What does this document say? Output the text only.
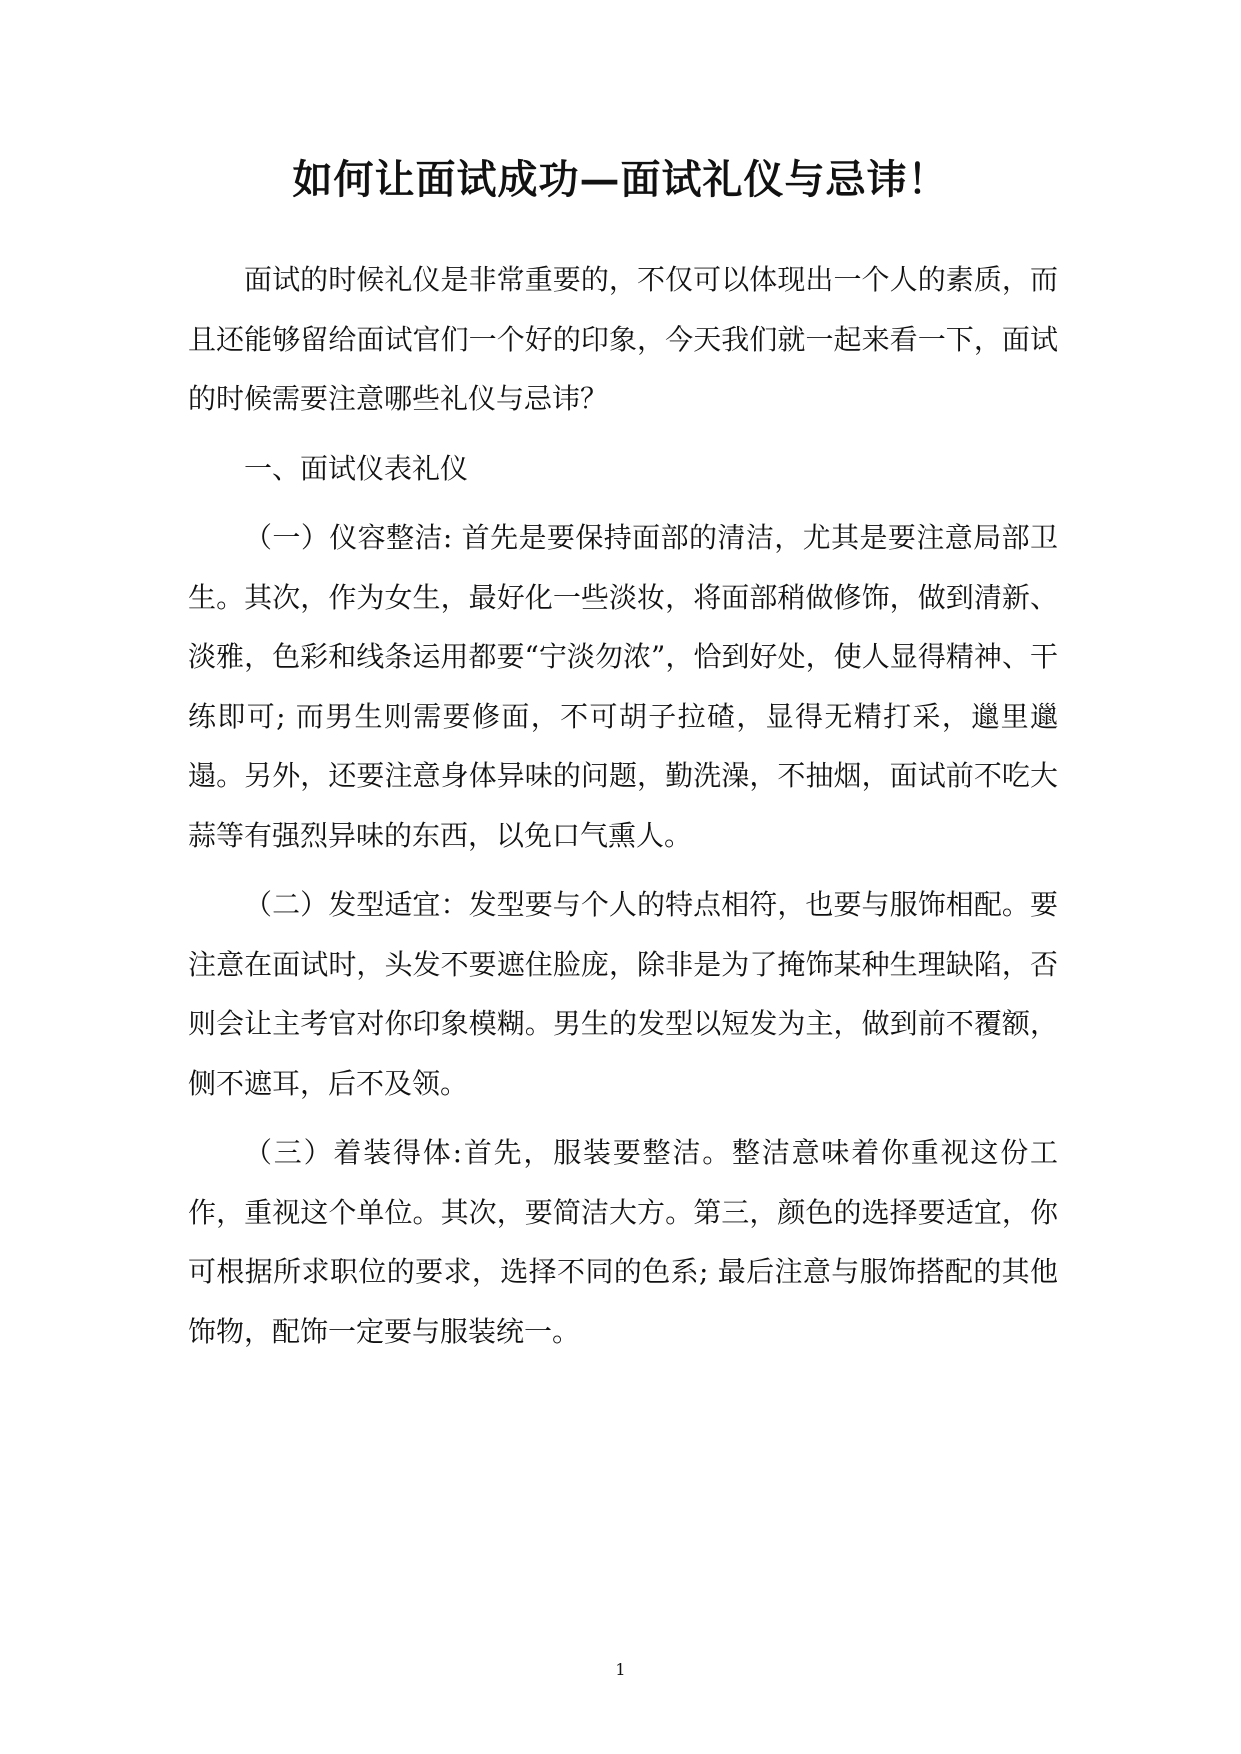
如何让面试成功—面试礼仪与忌讳！

面试的时候礼仪是非常重要的，不仅可以体现出一个人的素质，而且还能够留给面试官们一个好的印象，今天我们就一起来看一下，面试的时候需要注意哪些礼仪与忌讳？

一、面试仪表礼仪

（一）仪容整洁: 首先是要保持面部的清洁，尤其是要注意局部卫生。其次，作为女生，最好化一些淡妆，将面部稍做修饰，做到清新、淡雅，色彩和线条运用都要“宁淡勿浓”，恰到好处，使人显得精神、干练即可; 而男生则需要修面，不可胡子拉碴，显得无精打采，邋里邋遢。另外，还要注意身体异味的问题，勤洗澡，不抽烟，面试前不吃大蒜等有强烈异味的东西，以免口气熏人。

（二）发型适宜：发型要与个人的特点相符，也要与服饰相配。要注意在面试时，头发不要遮住脸庞，除非是为了掩饰某种生理缺陷，否则会让主考官对你印象模糊。男生的发型以短发为主，做到前不覆额，侧不遮耳，后不及领。

（三）着装得体:首先，服装要整洁。整洁意味着你重视这份工作，重视这个单位。其次，要简洁大方。第三，颜色的选择要适宜，你可根据所求职位的要求，选择不同的色系; 最后注意与服饰搭配的其他饰物，配饰一定要与服装统一。

1
